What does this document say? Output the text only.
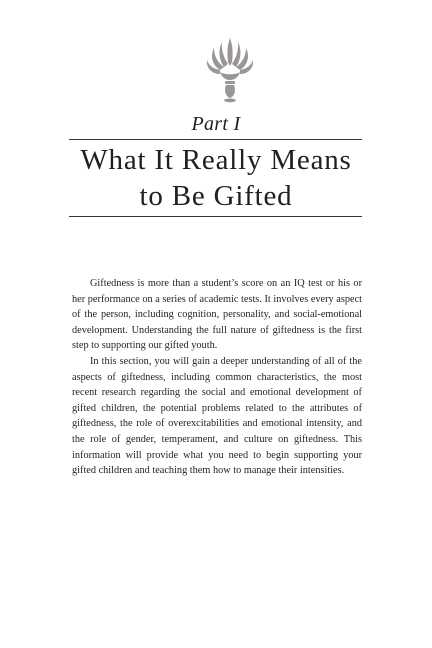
Part I
What It Really Means
to Be Gifted

Giftedness is more than a student’s score on an IQ test or his or her performance on a series of academic tests. It involves every aspect of the person, including cognition, personality, and social-emotional development. Understanding the full nature of giftedness is the first step to supporting our gifted youth.

In this section, you will gain a deeper understanding of all of the aspects of giftedness, including common characteristics, the most recent research regarding the social and emotional development of gifted children, the potential problems related to the attributes of giftedness, the role of overexcitabilities and emotional intensity, and the role of gender, temperament, and culture on giftedness. This information will provide what you need to begin supporting your gifted children and teaching them how to manage their intensities.
